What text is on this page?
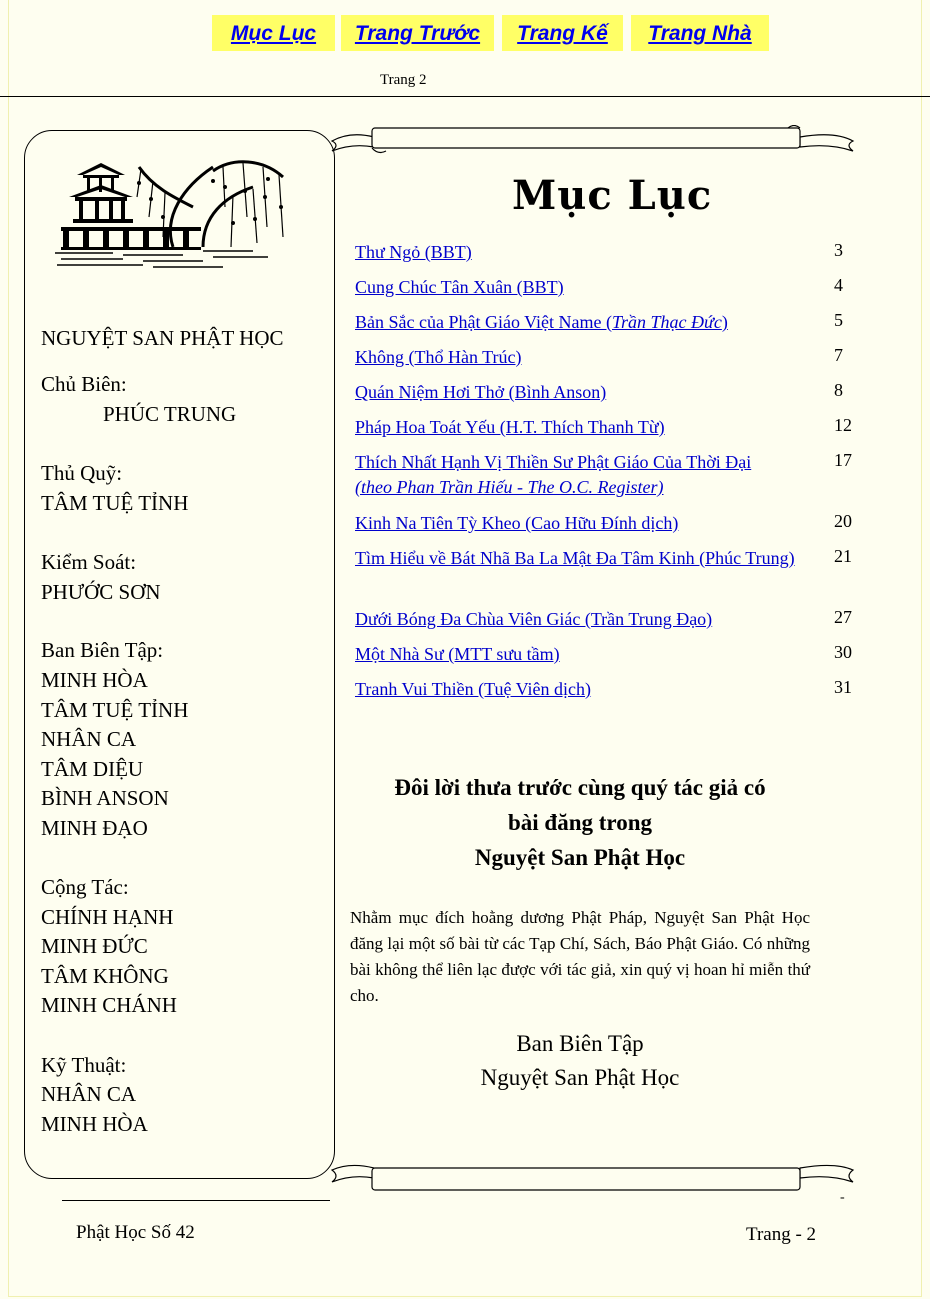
Mục Lục	Trang Trước	Trang Kế	Trang Nhà
Trang 2
NGUYỆT SAN PHẬT HỌC
Chủ Biên:
PHÚC TRUNG
Thủ Quỹ:
TÂM TUỆ TỈNH
Kiểm Soát:
PHƯỚC SƠN
Ban Biên Tập:
MINH HÒA
TÂM TUỆ TỈNH
NHÂN CA
TÂM DIỆU
BÌNH ANSON
MINH ĐẠO
Cộng Tác:
CHÍNH HẠNH
MINH ĐỨC
TÂM KHÔNG
MINH CHÁNH
Kỹ Thuật:
NHÂN CA
MINH HÒA
Mục Lục
Thư Ngỏ (BBT)	3
Cung Chúc Tân Xuân (BBT)	4
Bản Sắc của Phật Giáo Việt Name (Trần Thạc Đức)	5
Không (Thổ Hàn Trúc)	7
Quán Niệm Hơi Thở (Bình Anson)	8
Pháp Hoa Toát Yếu (H.T. Thích Thanh Từ)	12
Thích Nhất Hạnh Vị Thiền Sư Phật Giáo Của Thời Đại
(theo Phan Trần Hiếu - The O.C. Register)
17
Kinh Na Tiên Tỳ Kheo (Cao Hữu Đính dịch)	20
Tìm Hiểu về Bát Nhã Ba La Mật Đa Tâm Kinh (Phúc Trung) 21
Dưới Bóng Đa Chùa Viên Giác (Trần Trung Đạo)	27
Một Nhà Sư (MTT sưu tầm)	30
Tranh Vui Thiền (Tuệ Viên dịch)	31
Đôi lời thưa trước cùng quý tác giả có
bài đăng trong
Nguyệt San Phật Học
Nhằm mục đích hoằng dương Phật Pháp, Nguyệt San Phật Học đăng lại một số bài từ các Tạp Chí, Sách, Báo Phật Giáo. Có những bài không thể liên lạc được với tác giả, xin quý vị hoan hỉ miễn thứ cho.
Ban Biên Tập
Nguyệt San Phật Học
-
Phật Học Số 42	Trang - 2
